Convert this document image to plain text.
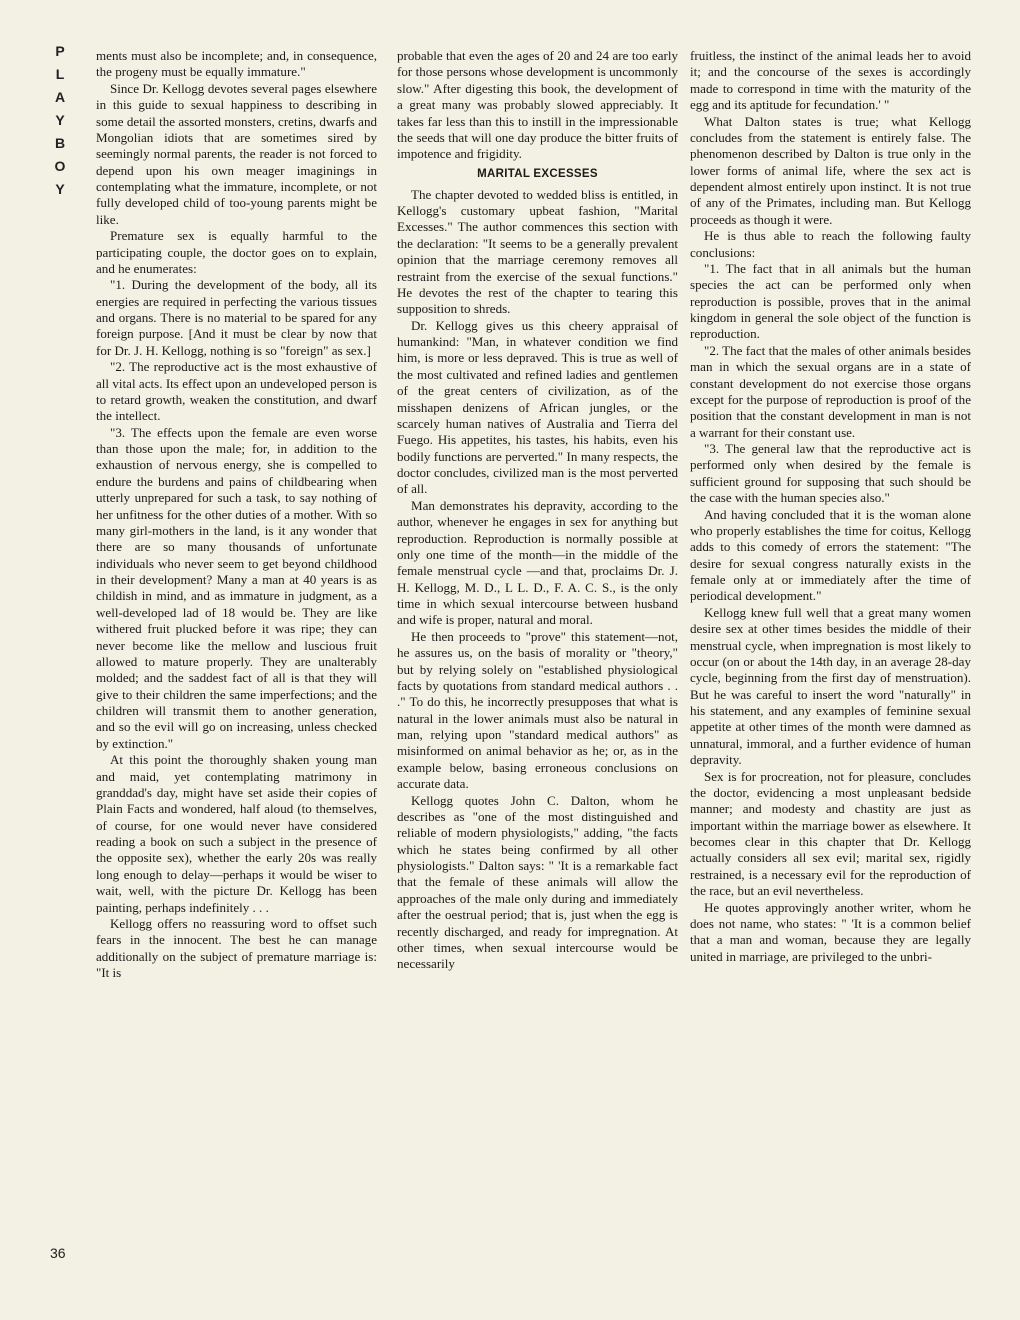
P
L
A
Y
B
O
Y
36

ments must also be incomplete; and, in consequence, the progeny must be equally immature."

Since Dr. Kellogg devotes several pages elsewhere in this guide to sexual happiness to describing in some detail the assorted monsters, cretins, dwarfs and Mongolian idiots that are sometimes sired by seemingly normal parents, the reader is not forced to depend upon his own meager imaginings in contemplating what the immature, incomplete, or not fully developed child of too-young parents might be like.

Premature sex is equally harmful to the participating couple, the doctor goes on to explain, and he enumerates:

"1. During the development of the body, all its energies are required in perfecting the various tissues and organs. There is no material to be spared for any foreign purpose. [And it must be clear by now that for Dr. J. H. Kellogg, nothing is so "foreign" as sex.]

"2. The reproductive act is the most exhaustive of all vital acts. Its effect upon an undeveloped person is to retard growth, weaken the constitution, and dwarf the intellect.

"3. The effects upon the female are even worse than those upon the male; for, in addition to the exhaustion of nervous energy, she is compelled to endure the burdens and pains of childbearing when utterly unprepared for such a task, to say nothing of her unfitness for the other duties of a mother. With so many girl-mothers in the land, is it any wonder that there are so many thousands of unfortunate individuals who never seem to get beyond childhood in their development? Many a man at 40 years is as childish in mind, and as immature in judgment, as a well-developed lad of 18 would be. They are like withered fruit plucked before it was ripe; they can never become like the mellow and luscious fruit allowed to mature properly. They are unalterably molded; and the saddest fact of all is that they will give to their children the same imperfections; and the children will transmit them to another generation, and so the evil will go on increasing, unless checked by extinction."

At this point the thoroughly shaken young man and maid, yet contemplating matrimony in granddad's day, might have set aside their copies of Plain Facts and wondered, half aloud (to themselves, of course, for one would never have considered reading a book on such a subject in the presence of the opposite sex), whether the early 20s was really long enough to delay—perhaps it would be wiser to wait, well, with the picture Dr. Kellogg has been painting, perhaps indefinitely . . .

Kellogg offers no reassuring word to offset such fears in the innocent. The best he can manage additionally on the subject of premature marriage is: "It is

probable that even the ages of 20 and 24 are too early for those persons whose development is uncommonly slow." After digesting this book, the development of a great many was probably slowed appreciably. It takes far less than this to instill in the impressionable the seeds that will one day produce the bitter fruits of impotence and frigidity.

MARITAL EXCESSES

The chapter devoted to wedded bliss is entitled, in Kellogg's customary upbeat fashion, "Marital Excesses." The author commences this section with the declaration: "It seems to be a generally prevalent opinion that the marriage ceremony removes all restraint from the exercise of the sexual functions." He devotes the rest of the chapter to tearing this supposition to shreds.

Dr. Kellogg gives us this cheery appraisal of humankind: "Man, in whatever condition we find him, is more or less depraved. This is true as well of the most cultivated and refined ladies and gentlemen of the great centers of civilization, as of the misshapen denizens of African jungles, or the scarcely human natives of Australia and Tierra del Fuego. His appetites, his tastes, his habits, even his bodily functions are perverted." In many respects, the doctor concludes, civilized man is the most perverted of all.

Man demonstrates his depravity, according to the author, whenever he engages in sex for anything but reproduction. Reproduction is normally possible at only one time of the month—in the middle of the female menstrual cycle —and that, proclaims Dr. J. H. Kellogg, M. D., L L. D., F. A. C. S., is the only time in which sexual intercourse between husband and wife is proper, natural and moral.

He then proceeds to "prove" this statement—not, he assures us, on the basis of morality or "theory," but by relying solely on "established physiological facts by quotations from standard medical authors . . ." To do this, he incorrectly presupposes that what is natural in the lower animals must also be natural in man, relying upon "standard medical authors" as misinformed on animal behavior as he; or, as in the example below, basing erroneous conclusions on accurate data.

Kellogg quotes John C. Dalton, whom he describes as "one of the most distinguished and reliable of modern physiologists," adding, "the facts which he states being confirmed by all other physiologists." Dalton says: " 'It is a remarkable fact that the female of these animals will allow the approaches of the male only during and immediately after the oestrual period; that is, just when the egg is recently discharged, and ready for impregnation. At other times, when sexual intercourse would be necessarily

fruitless, the instinct of the animal leads her to avoid it; and the concourse of the sexes is accordingly made to correspond in time with the maturity of the egg and its aptitude for fecundation.' "

What Dalton states is true; what Kellogg concludes from the statement is entirely false. The phenomenon described by Dalton is true only in the lower forms of animal life, where the sex act is dependent almost entirely upon instinct. It is not true of any of the Primates, including man. But Kellogg proceeds as though it were.

He is thus able to reach the following faulty conclusions:

"1. The fact that in all animals but the human species the act can be performed only when reproduction is possible, proves that in the animal kingdom in general the sole object of the function is reproduction.

"2. The fact that the males of other animals besides man in which the sexual organs are in a state of constant development do not exercise those organs except for the purpose of reproduction is proof of the position that the constant development in man is not a warrant for their constant use.

"3. The general law that the reproductive act is performed only when desired by the female is sufficient ground for supposing that such should be the case with the human species also."

And having concluded that it is the woman alone who properly establishes the time for coitus, Kellogg adds to this comedy of errors the statement: "The desire for sexual congress naturally exists in the female only at or immediately after the time of periodical development."

Kellogg knew full well that a great many women desire sex at other times besides the middle of their menstrual cycle, when impregnation is most likely to occur (on or about the 14th day, in an average 28-day cycle, beginning from the first day of menstruation). But he was careful to insert the word "naturally" in his statement, and any examples of feminine sexual appetite at other times of the month were damned as unnatural, immoral, and a further evidence of human depravity.

Sex is for procreation, not for pleasure, concludes the doctor, evidencing a most unpleasant bedside manner; and modesty and chastity are just as important within the marriage bower as elsewhere. It becomes clear in this chapter that Dr. Kellogg actually considers all sex evil; marital sex, rigidly restrained, is a necessary evil for the reproduction of the race, but an evil nevertheless.

He quotes approvingly another writer, whom he does not name, who states: " 'It is a common belief that a man and woman, because they are legally united in marriage, are privileged to the unbri-
